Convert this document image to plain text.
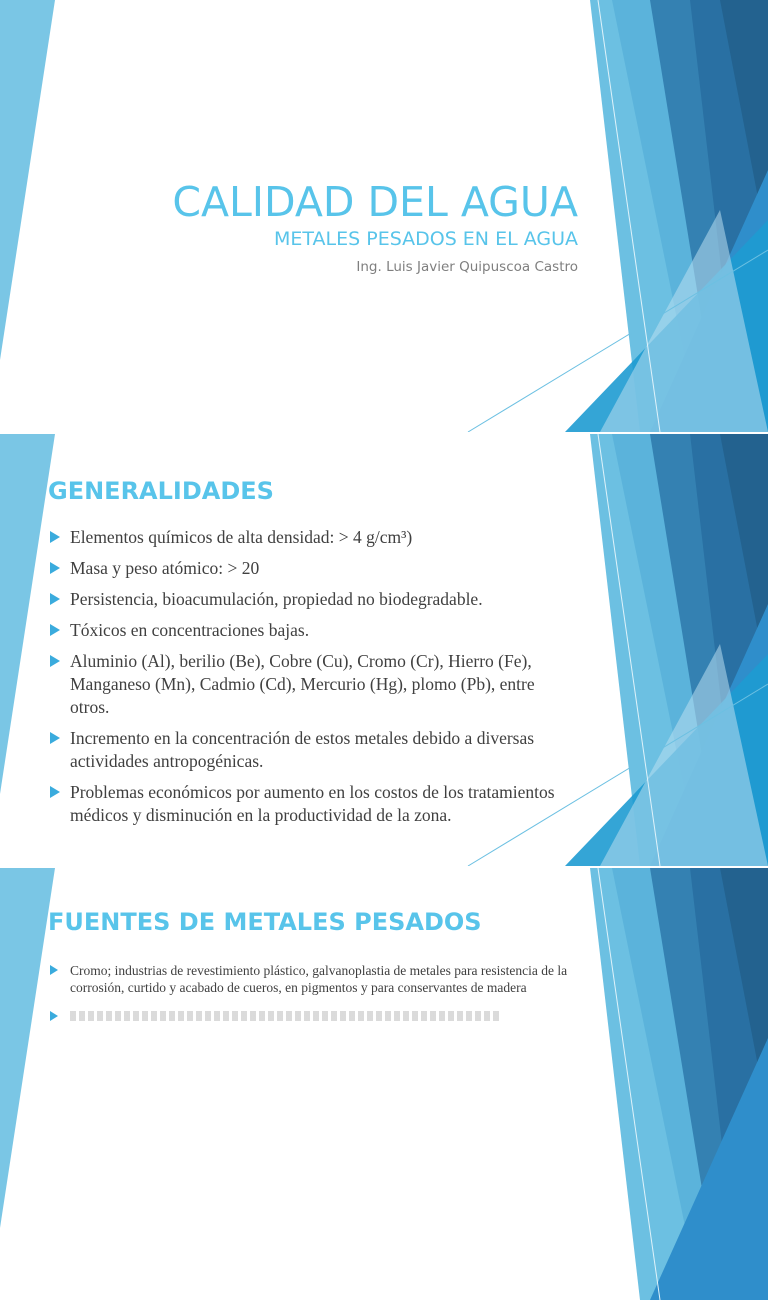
CALIDAD DEL AGUA
METALES PESADOS EN EL AGUA
Ing. Luis Javier Quipuscoa Castro
GENERALIDADES
Elementos químicos de alta densidad: > 4 g/cm³)
Masa y peso atómico: > 20
Persistencia, bioacumulación, propiedad no biodegradable.
Tóxicos en concentraciones bajas.
Aluminio (Al), berilio (Be), Cobre (Cu), Cromo (Cr), Hierro (Fe), Manganeso (Mn), Cadmio (Cd), Mercurio (Hg), plomo (Pb), entre otros.
Incremento en la concentración de estos metales debido a diversas actividades antropogénicas.
Problemas económicos por aumento en los costos de los tratamientos médicos y disminución en la productividad de la zona.
FUENTES DE METALES PESADOS
Cromo; industrias de revestimiento plástico, galvanoplastia de metales para resistencia de la corrosión, curtido y acabado de cueros, en pigmentos y para conservantes de madera
